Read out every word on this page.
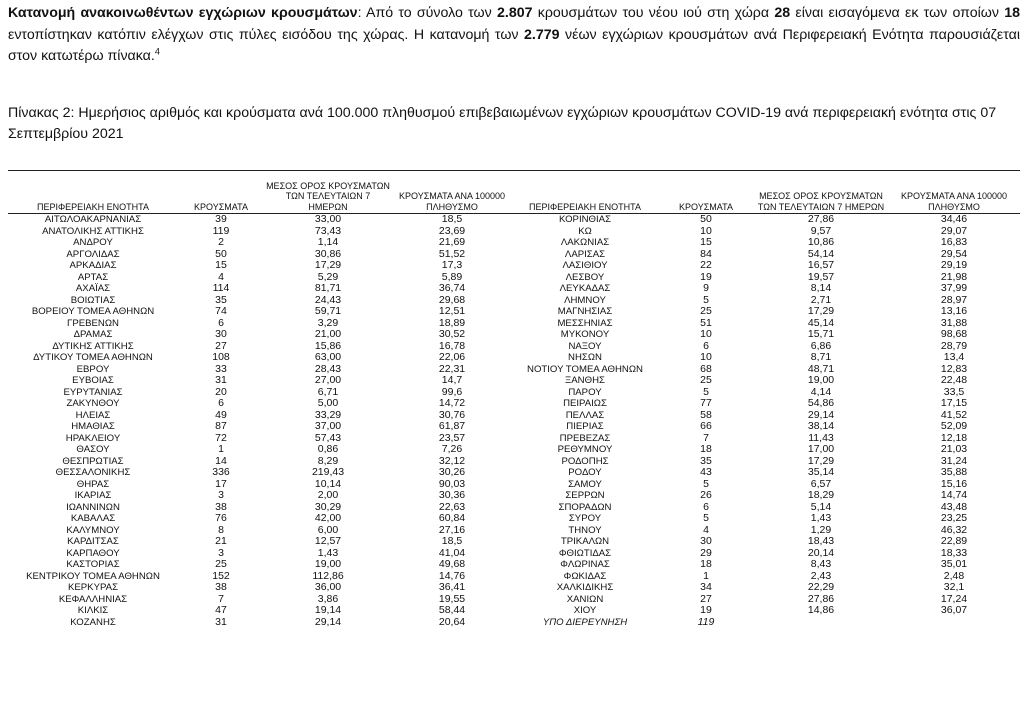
Κατανομή ανακοινωθέντων εγχώριων κρουσμάτων: Από το σύνολο των 2.807 κρουσμάτων του νέου ιού στη χώρα 28 είναι εισαγόμενα εκ των οποίων 18 εντοπίστηκαν κατόπιν ελέγχων στις πύλες εισόδου της χώρας. Η κατανομή των 2.779 νέων εγχώριων κρουσμάτων ανά Περιφερειακή Ενότητα παρουσιάζεται στον κατωτέρω πίνακα.$^4$

Πίνακας 2: Ημερήσιος αριθμός και κρούσματα ανά 100.000 πληθυσμού επιβεβαιωμένων εγχώριων κρουσμάτων COVID-19 ανά περιφερειακή ενότητα στις 07 Σεπτεμβρίου 2021

ΠΕΡΙΦΕΡΕΙΑΚΗ ΕΝΟΤΗΤΑ	ΚΡΟΥΣΜΑΤΑ	ΜΕΣΟΣ ΟΡΟΣ ΚΡΟΥΣΜΑΤΩΝ ΤΩΝ ΤΕΛΕΥΤΑΙΩΝ 7 ΗΜΕΡΩΝ	ΚΡΟΥΣΜΑΤΑ ΑΝΑ 100000 ΠΛΗΘΥΣΜΟ	ΠΕΡΙΦΕΡΕΙΑΚΗ ΕΝΟΤΗΤΑ	ΚΡΟΥΣΜΑΤΑ	ΜΕΣΟΣ ΟΡΟΣ ΚΡΟΥΣΜΑΤΩΝ ΤΩΝ ΤΕΛΕΥΤΑΙΩΝ 7 ΗΜΕΡΩΝ	ΚΡΟΥΣΜΑΤΑ ΑΝΑ 100000 ΠΛΗΘΥΣΜΟ
ΑΙΤΩΛΟΑΚΑΡΝΑΝΙΑΣ	39	33,00	18,5	ΚΟΡΙΝΘΙΑΣ	50	27,86	34,46
ΑΝΑΤΟΛΙΚΗΣ ΑΤΤΙΚΗΣ	119	73,43	23,69	ΚΩ	10	9,57	29,07
ΑΝΔΡΟΥ	2	1,14	21,69	ΛΑΚΩΝΙΑΣ	15	10,86	16,83
ΑΡΓΟΛΙΔΑΣ	50	30,86	51,52	ΛΑΡΙΣΑΣ	84	54,14	29,54
ΑΡΚΑΔΙΑΣ	15	17,29	17,3	ΛΑΣΙΘΙΟΥ	22	16,57	29,19
ΑΡΤΑΣ	4	5,29	5,89	ΛΕΣΒΟΥ	19	19,57	21,98
ΑΧΑΪΑΣ	114	81,71	36,74	ΛΕΥΚΑΔΑΣ	9	8,14	37,99
ΒΟΙΩΤΙΑΣ	35	24,43	29,68	ΛΗΜΝΟΥ	5	2,71	28,97
ΒΟΡΕΙΟΥ ΤΟΜΕΑ ΑΘΗΝΩΝ	74	59,71	12,51	ΜΑΓΝΗΣΙΑΣ	25	17,29	13,16
ΓΡΕΒΕΝΩΝ	6	3,29	18,89	ΜΕΣΣΗΝΙΑΣ	51	45,14	31,88
ΔΡΑΜΑΣ	30	21,00	30,52	ΜΥΚΟΝΟΥ	10	15,71	98,68
ΔΥΤΙΚΗΣ ΑΤΤΙΚΗΣ	27	15,86	16,78	ΝΑΞΟΥ	6	6,86	28,79
ΔΥΤΙΚΟΥ ΤΟΜΕΑ ΑΘΗΝΩΝ	108	63,00	22,06	ΝΗΣΩΝ	10	8,71	13,4
ΕΒΡΟΥ	33	28,43	22,31	ΝΟΤΙΟΥ ΤΟΜΕΑ ΑΘΗΝΩΝ	68	48,71	12,83
ΕΥΒΟΙΑΣ	31	27,00	14,7	ΞΑΝΘΗΣ	25	19,00	22,48
ΕΥΡΥΤΑΝΙΑΣ	20	6,71	99,6	ΠΑΡΟΥ	5	4,14	33,5
ΖΑΚΥΝΘΟΥ	6	5,00	14,72	ΠΕΙΡΑΙΩΣ	77	54,86	17,15
ΗΛΕΙΑΣ	49	33,29	30,76	ΠΕΛΛΑΣ	58	29,14	41,52
ΗΜΑΘΙΑΣ	87	37,00	61,87	ΠΙΕΡΙΑΣ	66	38,14	52,09
ΗΡΑΚΛΕΙΟΥ	72	57,43	23,57	ΠΡΕΒΕΖΑΣ	7	11,43	12,18
ΘΑΣΟΥ	1	0,86	7,26	ΡΕΘΥΜΝΟΥ	18	17,00	21,03
ΘΕΣΠΡΩΤΙΑΣ	14	8,29	32,12	ΡΟΔΟΠΗΣ	35	17,29	31,24
ΘΕΣΣΑΛΟΝΙΚΗΣ	336	219,43	30,26	ΡΟΔΟΥ	43	35,14	35,88
ΘΗΡΑΣ	17	10,14	90,03	ΣΑΜΟΥ	5	6,57	15,16
ΙΚΑΡΙΑΣ	3	2,00	30,36	ΣΕΡΡΩΝ	26	18,29	14,74
ΙΩΑΝΝΙΝΩΝ	38	30,29	22,63	ΣΠΟΡΑΔΩΝ	6	5,14	43,48
ΚΑΒΑΛΑΣ	76	42,00	60,84	ΣΥΡΟΥ	5	1,43	23,25
ΚΑΛΥΜΝΟΥ	8	6,00	27,16	ΤΗΝΟΥ	4	1,29	46,32
ΚΑΡΔΙΤΣΑΣ	21	12,57	18,5	ΤΡΙΚΑΛΩΝ	30	18,43	22,89
ΚΑΡΠΑΘΟΥ	3	1,43	41,04	ΦΘΙΩΤΙΔΑΣ	29	20,14	18,33
ΚΑΣΤΟΡΙΑΣ	25	19,00	49,68	ΦΛΩΡΙΝΑΣ	18	8,43	35,01
ΚΕΝΤΡΙΚΟΥ ΤΟΜΕΑ ΑΘΗΝΩΝ	152	112,86	14,76	ΦΩΚΙΔΑΣ	1	2,43	2,48
ΚΕΡΚΥΡΑΣ	38	36,00	36,41	ΧΑΛΚΙΔΙΚΗΣ	34	22,29	32,1
ΚΕΦΑΛΛΗΝΙΑΣ	7	3,86	19,55	ΧΑΝΙΩΝ	27	27,86	17,24
ΚΙΛΚΙΣ	47	19,14	58,44	ΧΙΟΥ	19	14,86	36,07
ΚΟΖΑΝΗΣ	31	29,14	20,64	ΥΠΟ ΔΙΕΡΕΥΝΗΣΗ	119		
